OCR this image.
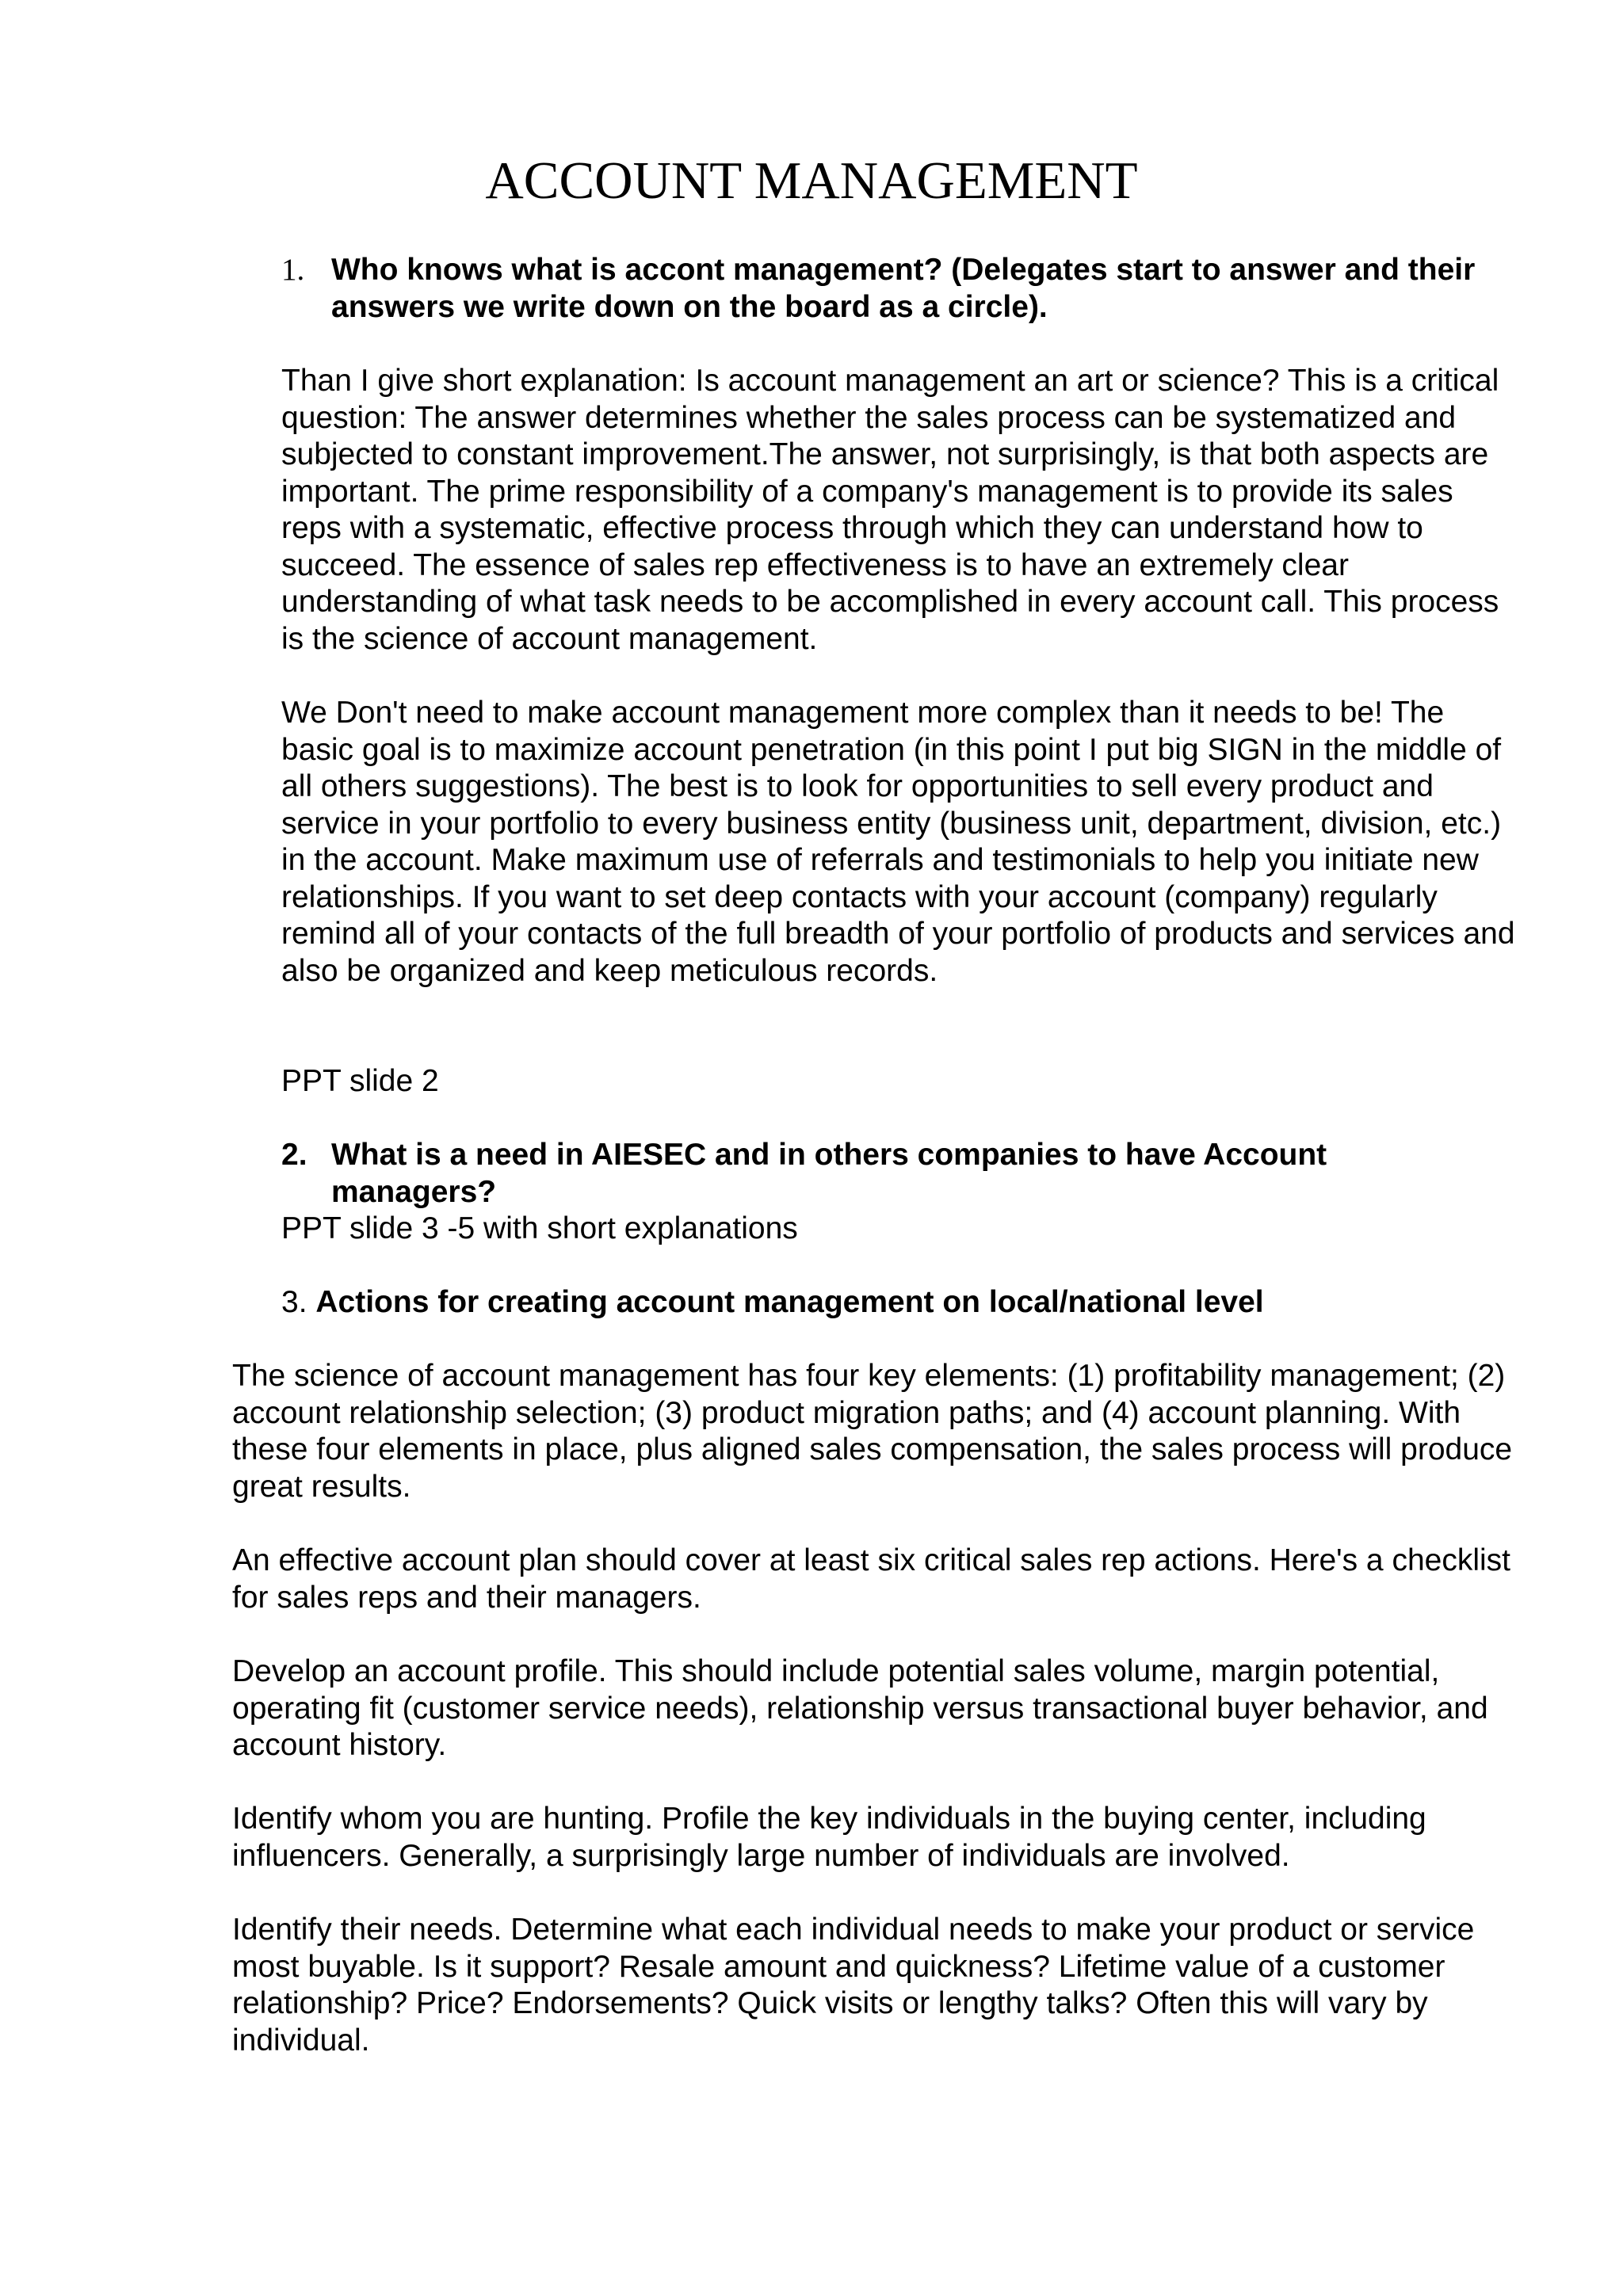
ACCOUNT MANAGEMENT
1. Who knows what is accont management? (Delegates start to answer and their answers we write down on the board as a circle).

Than I give short explanation: Is account management an art or science? This is a critical question: The answer determines whether the sales process can be systematized and subjected to constant improvement.The answer, not surprisingly, is that both aspects are important. The prime responsibility of a company's management is to provide its sales reps with a systematic, effective process through which they can understand how to succeed. The essence of sales rep effectiveness is to have an extremely clear understanding of what task needs to be accomplished in every account call. This process is the science of account management.

We Don't need to make account management more complex than it needs to be! The basic goal is to maximize account penetration (in this point I put big SIGN in the middle of all others suggestions). The best is to look for opportunities to sell every product and service in your portfolio to every business entity (business unit, department, division, etc.) in the account. Make maximum use of referrals and testimonials to help you initiate new relationships. If you want to set deep contacts with your account (company) regularly remind all of your contacts of the full breadth of your portfolio of products and services and also be organized and keep meticulous records.

PPT slide 2

2. What is a need in AIESEC and in others companies to have Account managers?

PPT slide 3 -5 with short explanations

3. Actions for creating account management on local/national level

The science of account management has four key elements: (1) profitability management; (2) account relationship selection; (3) product migration paths; and (4) account planning. With these four elements in place, plus aligned sales compensation, the sales process will produce great results.

An effective account plan should cover at least six critical sales rep actions. Here's a checklist for sales reps and their managers.

Develop an account profile. This should include potential sales volume, margin potential, operating fit (customer service needs), relationship versus transactional buyer behavior, and account history.

Identify whom you are hunting. Profile the key individuals in the buying center, including influencers. Generally, a surprisingly large number of individuals are involved.

Identify their needs. Determine what each individual needs to make your product or service most buyable. Is it support? Resale amount and quickness? Lifetime value of a customer relationship? Price? Endorsements? Quick visits or lengthy talks? Often this will vary by individual.
